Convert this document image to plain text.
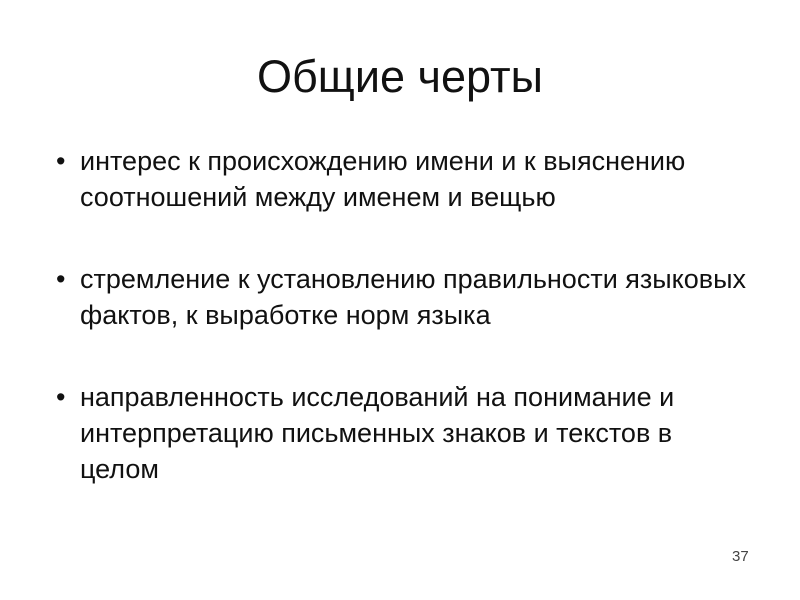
Общие черты
• интерес к происхождению имени и к выяснению соотношений между именем и вещью
• стремление к установлению правильности языковых фактов, к выработке норм языка
• направленность исследований на понимание и интерпретацию письменных знаков и текстов в целом
37
